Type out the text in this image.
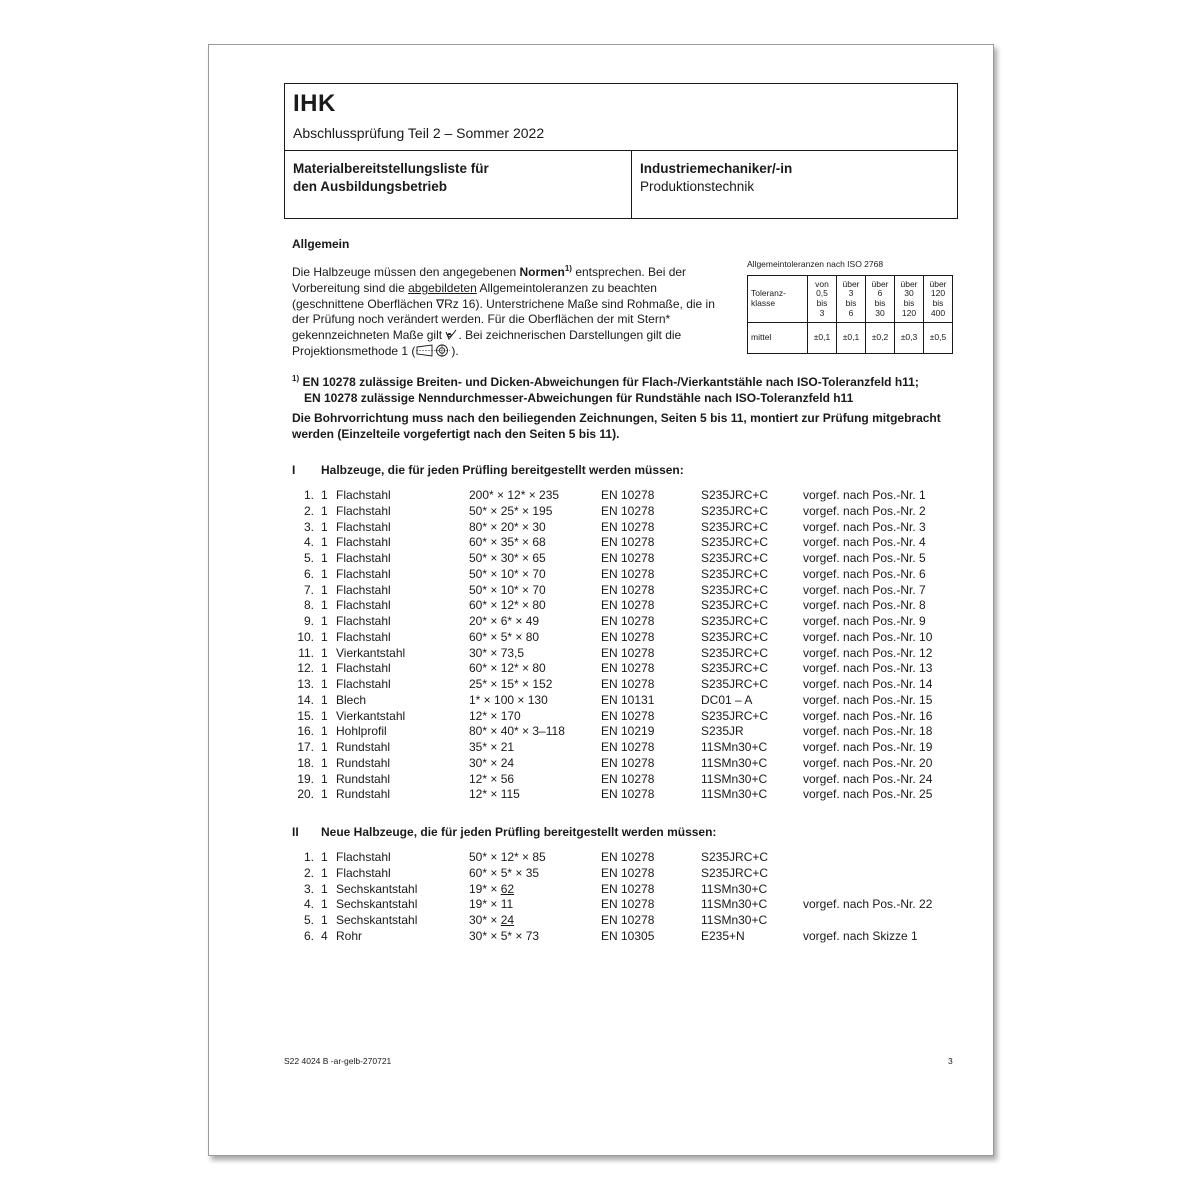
IHK
Abschlussprüfung Teil 2 – Sommer 2022
Materialbereitstellungsliste für
den Ausbildungsbetrieb
Industriemechaniker/-in
Produktionstechnik
Allgemein
Die Halbzeuge müssen den angegebenen Normen$^{1)}$ entsprechen. Bei der Vorbereitung sind die abgebildeten Allgemeintoleranzen zu beachten (geschnittene Oberflächen ∇Rz 16). Unterstrichene Maße sind Rohmaße, die in der Prüfung noch verändert werden. Für die Oberflächen der mit Stern* gekennzeichneten Maße gilt . Bei zeichnerischen Darstellungen gilt die Projektionsmethode 1 (	).
Allgemeintoleranzen nach ISO 2768
Toleranz-
klasse	von
0,5
bis
3	über
3
bis
6	über
6
bis
30	über
30
bis
120	über
120
bis
400
mittel	±0,1	±0,1	±0,2	±0,3	±0,5
$^{1)}$ EN 10278 zulässige Breiten- und Dicken-Abweichungen für Flach-/Vierkantstähle nach ISO-Toleranzfeld h11;
EN 10278 zulässige Nenndurchmesser-Abweichungen für Rundstähle nach ISO-Toleranzfeld h11
Die Bohrvorrichtung muss nach den beiliegenden Zeichnungen, Seiten 5 bis 11, montiert zur Prüfung mitgebracht werden (Einzelteile vorgefertigt nach den Seiten 5 bis 11).
I Halbzeuge, die für jeden Prüfling bereitgestellt werden müssen:
1. 1 Flachstahl	200* × 12* × 235	EN 10278	S235JRC+C	vorgef. nach Pos.-Nr. 1
2. 1 Flachstahl	50* × 25* × 195	EN 10278	S235JRC+C	vorgef. nach Pos.-Nr. 2
3. 1 Flachstahl	80* × 20* × 30	EN 10278	S235JRC+C	vorgef. nach Pos.-Nr. 3
4. 1 Flachstahl	60* × 35* × 68	EN 10278	S235JRC+C	vorgef. nach Pos.-Nr. 4
5. 1 Flachstahl	50* × 30* × 65	EN 10278	S235JRC+C	vorgef. nach Pos.-Nr. 5
6. 1 Flachstahl	50* × 10* × 70	EN 10278	S235JRC+C	vorgef. nach Pos.-Nr. 6
7. 1 Flachstahl	50* × 10* × 70	EN 10278	S235JRC+C	vorgef. nach Pos.-Nr. 7
8. 1 Flachstahl	60* × 12* × 80	EN 10278	S235JRC+C	vorgef. nach Pos.-Nr. 8
9. 1 Flachstahl	20* × 6* × 49	EN 10278	S235JRC+C	vorgef. nach Pos.-Nr. 9
10. 1 Flachstahl	60* × 5* × 80	EN 10278	S235JRC+C	vorgef. nach Pos.-Nr. 10
11. 1 Vierkantstahl	30* × 73,5	EN 10278	S235JRC+C	vorgef. nach Pos.-Nr. 12
12. 1 Flachstahl	60* × 12* × 80	EN 10278	S235JRC+C	vorgef. nach Pos.-Nr. 13
13. 1 Flachstahl	25* × 15* × 152	EN 10278	S235JRC+C	vorgef. nach Pos.-Nr. 14
14. 1 Blech	1* × 100 × 130	EN 10131	DC01 – A	vorgef. nach Pos.-Nr. 15
15. 1 Vierkantstahl	12* × 170	EN 10278	S235JRC+C	vorgef. nach Pos.-Nr. 16
16. 1 Hohlprofil	80* × 40* × 3–118	EN 10219	S235JR	vorgef. nach Pos.-Nr. 18
17. 1 Rundstahl	35* × 21	EN 10278	11SMn30+C	vorgef. nach Pos.-Nr. 19
18. 1 Rundstahl	30* × 24	EN 10278	11SMn30+C	vorgef. nach Pos.-Nr. 20
19. 1 Rundstahl	12* × 56	EN 10278	11SMn30+C	vorgef. nach Pos.-Nr. 24
20. 1 Rundstahl	12* × 115	EN 10278	11SMn30+C	vorgef. nach Pos.-Nr. 25
II Neue Halbzeuge, die für jeden Prüfling bereitgestellt werden müssen:
1. 1 Flachstahl	50* × 12* × 85	EN 10278	S235JRC+C
2. 1 Flachstahl	60* × 5* × 35	EN 10278	S235JRC+C
3. 1 Sechskantstahl	19* × 62	EN 10278	11SMn30+C
4. 1 Sechskantstahl	19* × 11	EN 10278	11SMn30+C	vorgef. nach Pos.-Nr. 22
5. 1 Sechskantstahl	30* × 24	EN 10278	11SMn30+C
6. 4 Rohr	30* × 5* × 73	EN 10305	E235+N	vorgef. nach Skizze 1
S22 4024 B -ar-gelb-270721	3
